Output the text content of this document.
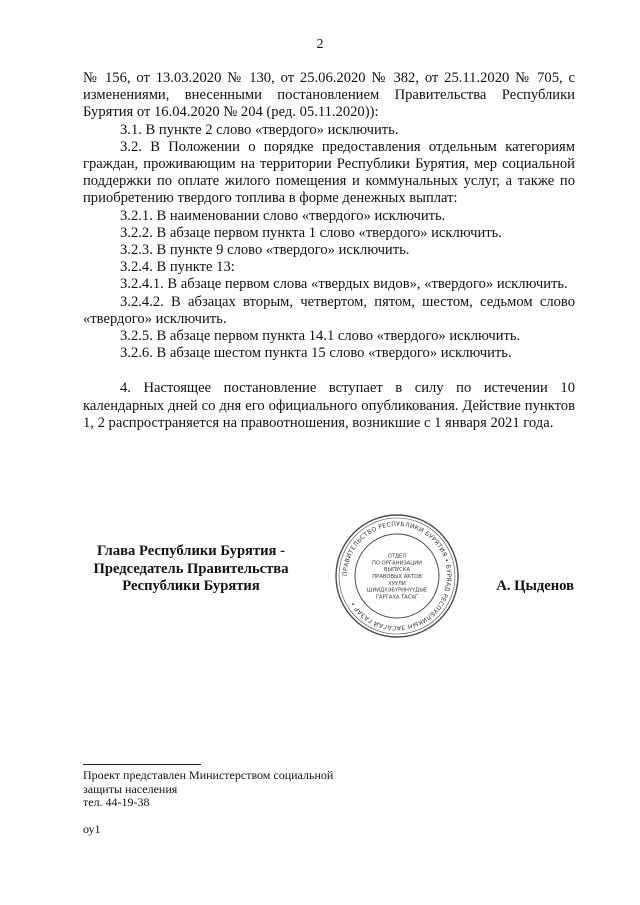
2

№ 156, от 13.03.2020 № 130, от 25.06.2020 № 382, от 25.11.2020 № 705, с изменениями, внесенными постановлением Правительства Республики Бурятия от 16.04.2020 № 204 (ред. 05.11.2020)):

3.1. В пункте 2 слово «твердого» исключить.

3.2. В Положении о порядке предоставления отдельным категориям граждан, проживающим на территории Республики Бурятия, мер социальной поддержки по оплате жилого помещения и коммунальных услуг, а также по приобретению твердого топлива в форме денежных выплат:

3.2.1. В наименовании слово «твердого» исключить.

3.2.2. В абзаце первом пункта 1 слово «твердого» исключить.

3.2.3. В пункте 9 слово «твердого» исключить.

3.2.4. В пункте 13:

3.2.4.1. В абзаце первом слова «твердых видов», «твердого» исключить.

3.2.4.2. В абзацах вторым, четвертом, пятом, шестом, седьмом слово «твердого» исключить.

3.2.5. В абзаце первом пункта 14.1 слово «твердого» исключить.

3.2.6. В абзаце шестом пункта 15 слово «твердого» исключить.

4. Настоящее постановление вступает в силу по истечении 10 календарных дней со дня его официального опубликования. Действие пунктов 1, 2 распространяется на правоотношения, возникшие с 1 января 2021 года.

Глава Республики Бурятия -
Председатель Правительства
Республики Бурятия
ПРАВИТЕЛЬСТВО РЕСПУБЛИКИ БУРЯТИЯ • БУРЯАД РЕСПУБЛИКЫН ЗАСАГАЙ ГАЗАР •
ОТДЕЛ
ПО ОРГАНИЗАЦИИ
ВЫПУСКА
ПРАВОВЫХ АКТОВ
ХУУЛИ
ШИИДХЭБҮРИНҮҮДЫЕ
ГАРГАХА ТАСАГ
А. Цыденов
Проект представлен Министерством социальной
защиты населения
тел. 44-19-38
оу1
